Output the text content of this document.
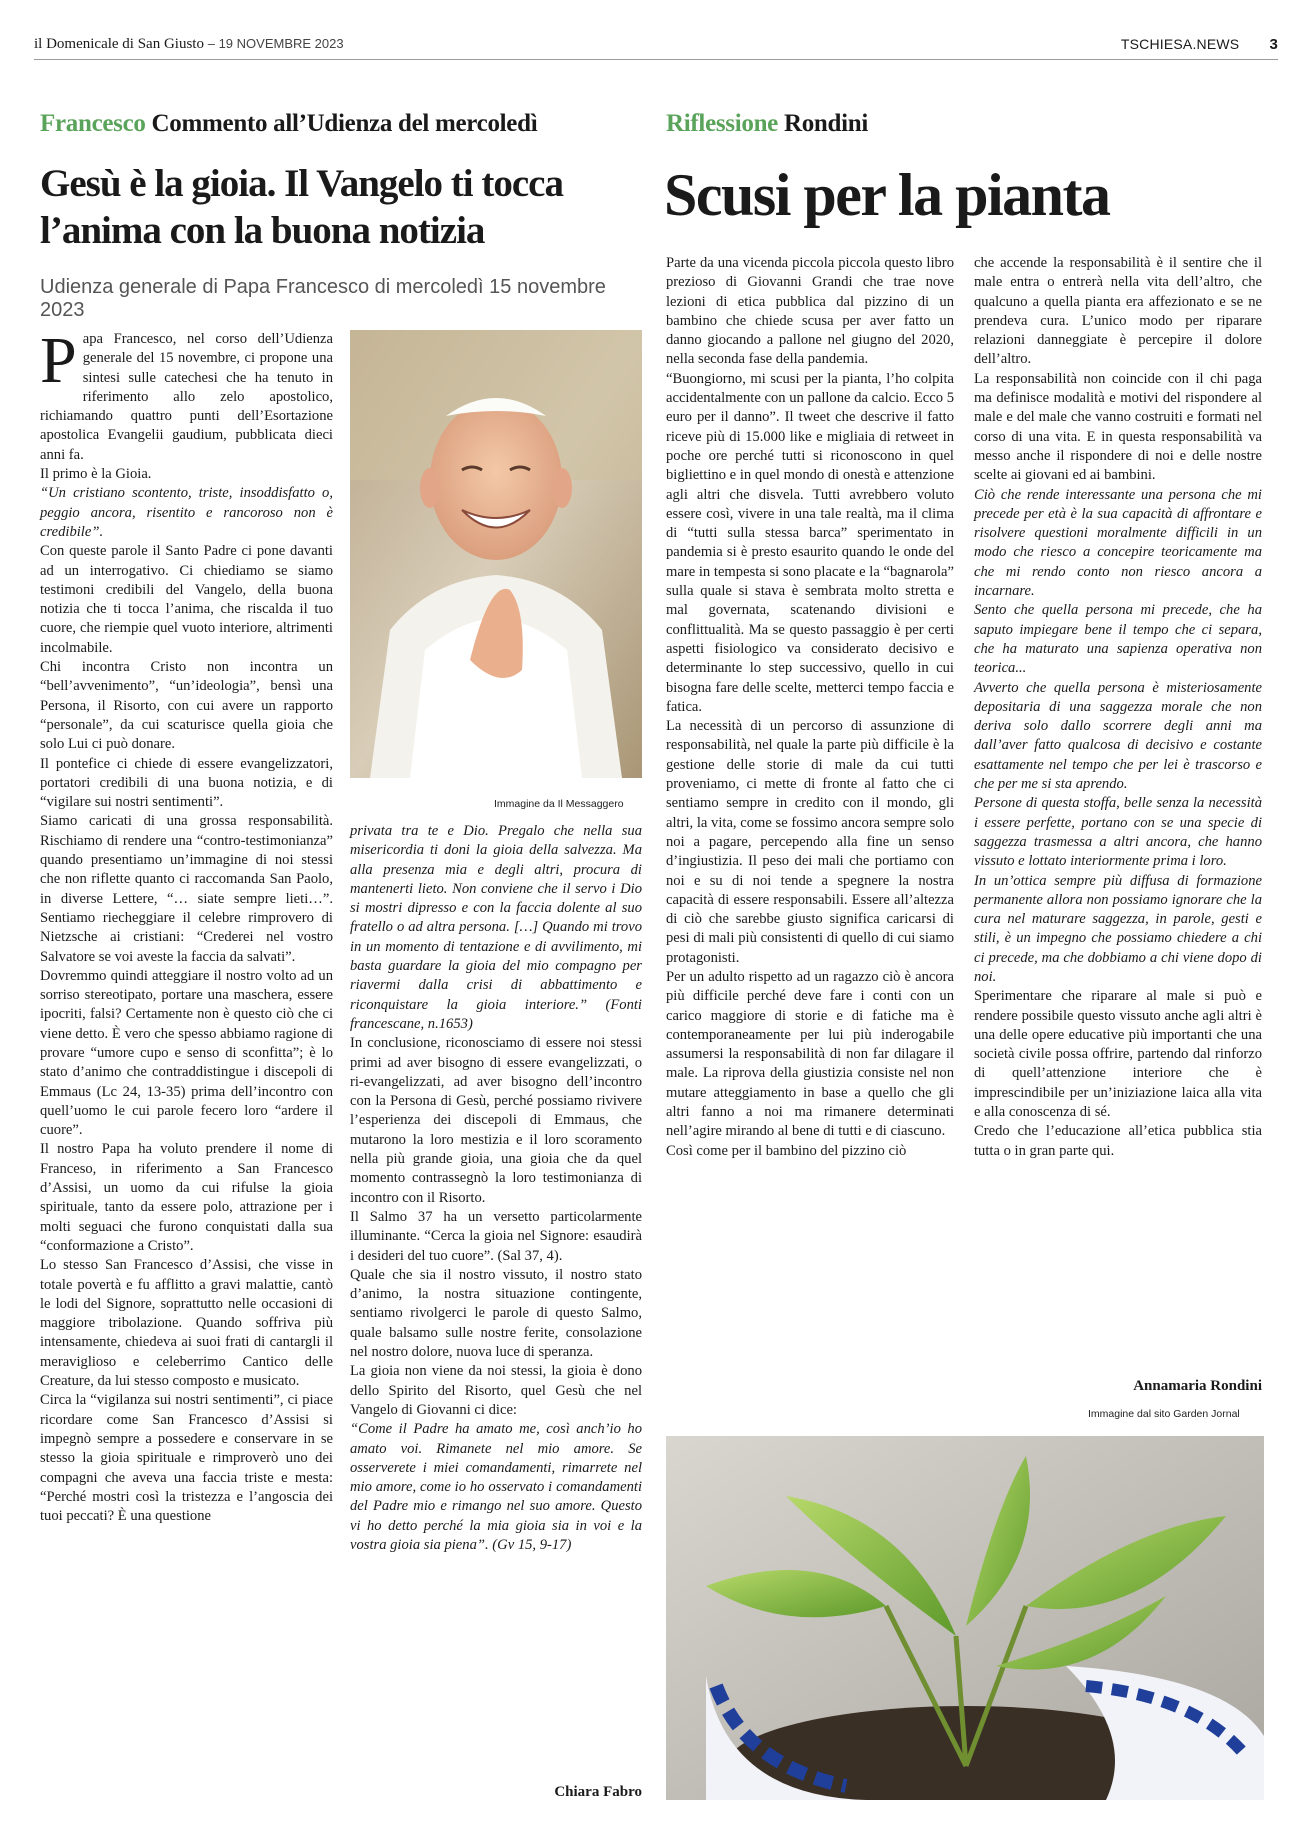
il Domenicale di San Giusto – 19 NOVEMBRE 2023	TSCHIESA.NEWS 3
Francesco Commento all’Udienza del mercoledì
Gesù è la gioia. Il Vangelo ti tocca l’anima con la buona notizia
Udienza generale di Papa Francesco di mercoledì 15 novembre 2023

Papa Francesco, nel corso dell’Udienza generale del 15 novembre, ci propone una sintesi sulle catechesi che ha tenuto in riferimento allo zelo apostolico, richiamando quattro punti dell’Esortazione apostolica Evangelii gaudium, pubblicata dieci anni fa.

Il primo è la Gioia.

“Un cristiano scontento, triste, insoddisfatto o, peggio ancora, risentito e rancoroso non è credibile”.

Con queste parole il Santo Padre ci pone davanti ad un interrogativo. Ci chiediamo se siamo testimoni credibili del Vangelo, della buona notizia che ti tocca l’anima, che riscalda il tuo cuore, che riempie quel vuoto interiore, altrimenti incolmabile.

Chi incontra Cristo non incontra un “bell’avvenimento”, “un’ideologia”, bensì una Persona, il Risorto, con cui avere un rapporto “personale”, da cui scaturisce quella gioia che solo Lui ci può donare.

Il pontefice ci chiede di essere evangelizzatori, portatori credibili di una buona notizia, e di “vigilare sui nostri sentimenti”.

Siamo caricati di una grossa responsabilità. Rischiamo di rendere una “contro-testimonianza” quando presentiamo un’immagine di noi stessi che non riflette quanto ci raccomanda San Paolo, in diverse Lettere, “… siate sempre lieti…”. Sentiamo riecheggiare il celebre rimprovero di Nietzsche ai cristiani: “Crederei nel vostro Salvatore se voi aveste la faccia da salvati”.

Dovremmo quindi atteggiare il nostro volto ad un sorriso stereotipato, portare una maschera, essere ipocriti, falsi? Certamente non è questo ciò che ci viene detto. È vero che spesso abbiamo ragione di provare “umore cupo e senso di sconfitta”; è lo stato d’animo che contraddistingue i discepoli di Emmaus (Lc 24, 13-35) prima dell’incontro con quell’uomo le cui parole fecero loro “ardere il cuore”.

Il nostro Papa ha voluto prendere il nome di Franceso, in riferimento a San Francesco d’Assisi, un uomo da cui rifulse la gioia spirituale, tanto da essere polo, attrazione per i molti seguaci che furono conquistati dalla sua “conformazione a Cristo”.

Lo stesso San Francesco d’Assisi, che visse in totale povertà e fu afflitto a gravi malattie, cantò le lodi del Signore, soprattutto nelle occasioni di maggiore tribolazione. Quando soffriva più intensamente, chiedeva ai suoi frati di cantargli il meraviglioso e celeberrimo Cantico delle Creature, da lui stesso composto e musicato.

Circa la “vigilanza sui nostri sentimenti”, ci piace ricordare come San Francesco d’Assisi si impegnò sempre a possedere e conservare in se stesso la gioia spirituale e rimproverò uno dei compagni che aveva una faccia triste e mesta: “Perché mostri così la tristezza e l’angoscia dei tuoi peccati? È una questione

Immagine da Il Messaggero

privata tra te e Dio. Pregalo che nella sua misericordia ti doni la gioia della salvezza. Ma alla presenza mia e degli altri, procura di mantenerti lieto. Non conviene che il servo i Dio si mostri dipresso e con la faccia dolente al suo fratello o ad altra persona. […] Quando mi trovo in un momento di tentazione e di avvilimento, mi basta guardare la gioia del mio compagno per riavermi dalla crisi di abbattimento e riconquistare la gioia interiore.” (Fonti francescane, n.1653)

In conclusione, riconosciamo di essere noi stessi primi ad aver bisogno di essere evangelizzati, o ri-evangelizzati, ad aver bisogno dell’incontro con la Persona di Gesù, perché possiamo rivivere l’esperienza dei discepoli di Emmaus, che mutarono la loro mestizia e il loro scoramento nella più grande gioia, una gioia che da quel momento contrassegnò la loro testimonianza di incontro con il Risorto.

Il Salmo 37 ha un versetto particolarmente illuminante. “Cerca la gioia nel Signore: esaudirà i desideri del tuo cuore”. (Sal 37, 4).

Quale che sia il nostro vissuto, il nostro stato d’animo, la nostra situazione contingente, sentiamo rivolgerci le parole di questo Salmo, quale balsamo sulle nostre ferite, consolazione nel nostro dolore, nuova luce di speranza.

La gioia non viene da noi stessi, la gioia è dono dello Spirito del Risorto, quel Gesù che nel Vangelo di Giovanni ci dice:

“Come il Padre ha amato me, così anch’io ho amato voi. Rimanete nel mio amore. Se osserverete i miei comandamenti, rimarrete nel mio amore, come io ho osservato i comandamenti del Padre mio e rimango nel suo amore. Questo vi ho detto perché la mia gioia sia in voi e la vostra gioia sia piena”. (Gv 15, 9-17)

Chiara Fabro
Riflessione Rondini
Scusi per la pianta

Parte da una vicenda piccola piccola questo libro prezioso di Giovanni Grandi che trae nove lezioni di etica pubblica dal pizzino di un bambino che chiede scusa per aver fatto un danno giocando a pallone nel giugno del 2020, nella seconda fase della pandemia.

“Buongiorno, mi scusi per la pianta, l’ho colpita accidentalmente con un pallone da calcio. Ecco 5 euro per il danno”. Il tweet che descrive il fatto riceve più di 15.000 like e migliaia di retweet in poche ore perché tutti si riconoscono in quel bigliettino e in quel mondo di onestà e attenzione agli altri che disvela. Tutti avrebbero voluto essere così, vivere in una tale realtà, ma il clima di “tutti sulla stessa barca” sperimentato in pandemia si è presto esaurito quando le onde del mare in tempesta si sono placate e la “bagnarola” sulla quale si stava è sembrata molto stretta e mal governata, scatenando divisioni e conflittualità. Ma se questo passaggio è per certi aspetti fisiologico va considerato decisivo e determinante lo step successivo, quello in cui bisogna fare delle scelte, metterci tempo faccia e fatica.

La necessità di un percorso di assunzione di responsabilità, nel quale la parte più difficile è la gestione delle storie di male da cui tutti proveniamo, ci mette di fronte al fatto che ci sentiamo sempre in credito con il mondo, gli altri, la vita, come se fossimo ancora sempre solo noi a pagare, percependo alla fine un senso d’ingiustizia. Il peso dei mali che portiamo con noi e su di noi tende a spegnere la nostra capacità di essere responsabili. Essere all’altezza di ciò che sarebbe giusto significa caricarsi di pesi di mali più consistenti di quello di cui siamo protagonisti.

Per un adulto rispetto ad un ragazzo ciò è ancora più difficile perché deve fare i conti con un carico maggiore di storie e di fatiche ma è contemporaneamente per lui più inderogabile assumersi la responsabilità di non far dilagare il male. La riprova della giustizia consiste nel non mutare atteggiamento in base a quello che gli altri fanno a noi ma rimanere determinati nell’agire mirando al bene di tutti e di ciascuno.

Così come per il bambino del pizzino ciò

che accende la responsabilità è il sentire che il male entra o entrerà nella vita dell’altro, che qualcuno a quella pianta era affezionato e se ne prendeva cura. L’unico modo per riparare relazioni danneggiate è percepire il dolore dell’altro.

La responsabilità non coincide con il chi paga ma definisce modalità e motivi del rispondere al male e del male che vanno costruiti e formati nel corso di una vita. E in questa responsabilità va messo anche il rispondere di noi e delle nostre scelte ai giovani ed ai bambini.

Ciò che rende interessante una persona che mi precede per età è la sua capacità di affrontare e risolvere questioni moralmente difficili in un modo che riesco a concepire teoricamente ma che mi rendo conto non riesco ancora a incarnare.

Sento che quella persona mi precede, che ha saputo impiegare bene il tempo che ci separa, che ha maturato una sapienza operativa non teorica...

Avverto che quella persona è misteriosamente depositaria di una saggezza morale che non deriva solo dallo scorrere degli anni ma dall’aver fatto qualcosa di decisivo e costante esattamente nel tempo che per lei è trascorso e che per me si sta aprendo.

Persone di questa stoffa, belle senza la necessità i essere perfette, portano con se una specie di saggezza trasmessa a altri ancora, che hanno vissuto e lottato interiormente prima i loro.

In un’ottica sempre più diffusa di formazione permanente allora non possiamo ignorare che la cura nel maturare saggezza, in parole, gesti e stili, è un impegno che possiamo chiedere a chi ci precede, ma che dobbiamo a chi viene dopo di noi.

Sperimentare che riparare al male si può e rendere possibile questo vissuto anche agli altri è una delle opere educative più importanti che una società civile possa offrire, partendo dal rinforzo di quell’attenzione interiore che è imprescindibile per un’iniziazione laica alla vita e alla conoscenza di sé.

Credo che l’educazione all’etica pubblica stia tutta o in gran parte qui.

Annamaria Rondini
Immagine dal sito Garden Jornal
